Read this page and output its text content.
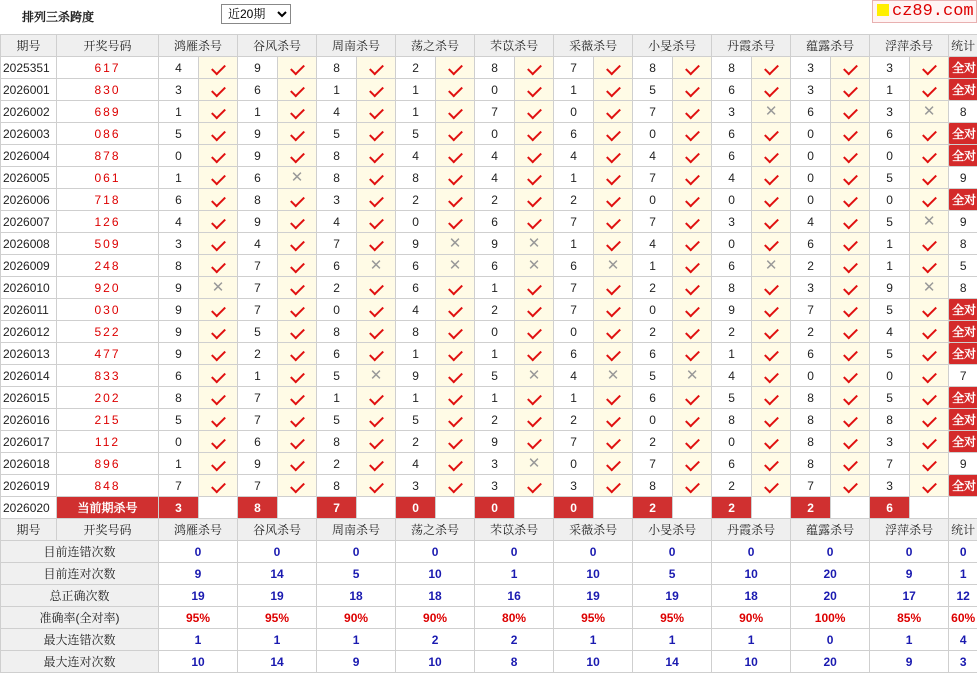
排列三杀跨度
近20期	cz89.com
期号	开奖号码	鸿雁杀号		谷风杀号		周南杀号		荡之杀号		芣苡杀号		采薇杀号		小旻杀号		丹霞杀号		蕴露杀号		浮萍杀号		统计
2025351	617	4		9		8		2		8		7		8		8		3		3		全对
2026001	830	3		6		1		1		0		1		5		6		3		1		全对
2026002	689	1		1		4		1		7		0		7		3	✕	6		3	✕	8
2026003	086	5		9		5		5		0		6		0		6		0		6		全对
2026004	878	0		9		8		4		4		4		4		6		0		0		全对
2026005	061	1		6	✕	8		8		4		1		7		4		0		5		9
2026006	718	6		8		3		2		2		2		0		0		0		0		全对
2026007	126	4		9		4		0		6		7		7		3		4		5	✕	9
2026008	509	3		4		7		9	✕	9	✕	1		4		0		6		1		8
2026009	248	8		7		6	✕	6	✕	6	✕	6	✕	1		6	✕	2		1		5
2026010	920	9	✕	7		2		6		1		7		2		8		3		9	✕	8
2026011	030	9		7		0		4		2		7		0		9		7		5		全对
2026012	522	9		5		8		8		0		0		2		2		2		4		全对
2026013	477	9		2		6		1		1		6		6		1		6		5		全对
2026014	833	6		1		5	✕	9		5	✕	4	✕	5	✕	4		0		0		7
2026015	202	8		7		1		1		1		1		6		5		8		5		全对
2026016	215	5		7		5		5		2		2		0		8		8		8		全对
2026017	112	0		6		8		2		9		7		2		0		8		3		全对
2026018	896	1		9		2		4		3	✕	0		7		6		8		7		9
2026019	848	7		7		8		3		3		3		8		2		7		3		全对
2026020	当前期杀号	3		8		7		0		0		0		2		2		2		6		
期号	开奖号码	鸿雁杀号		谷风杀号		周南杀号		荡之杀号		芣苡杀号		采薇杀号		小旻杀号		丹霞杀号		蕴露杀号		浮萍杀号		统计
目前连错次数		0		0		0		0		0		0		0		0		0		0		0
目前连对次数		9		14		5		10		1		10		5		10		20		9		1
总正确次数		19		19		18		18		16		19		19		18		20		17		12
准确率(全对率)		95%		95%		90%		90%		80%		95%		95%		90%		100%		85%		60%
最大连错次数		1		1		1		2		2		1		1		1		0		1		4
最大连对次数		10		14		9		10		8		10		14		10		20		9		3
